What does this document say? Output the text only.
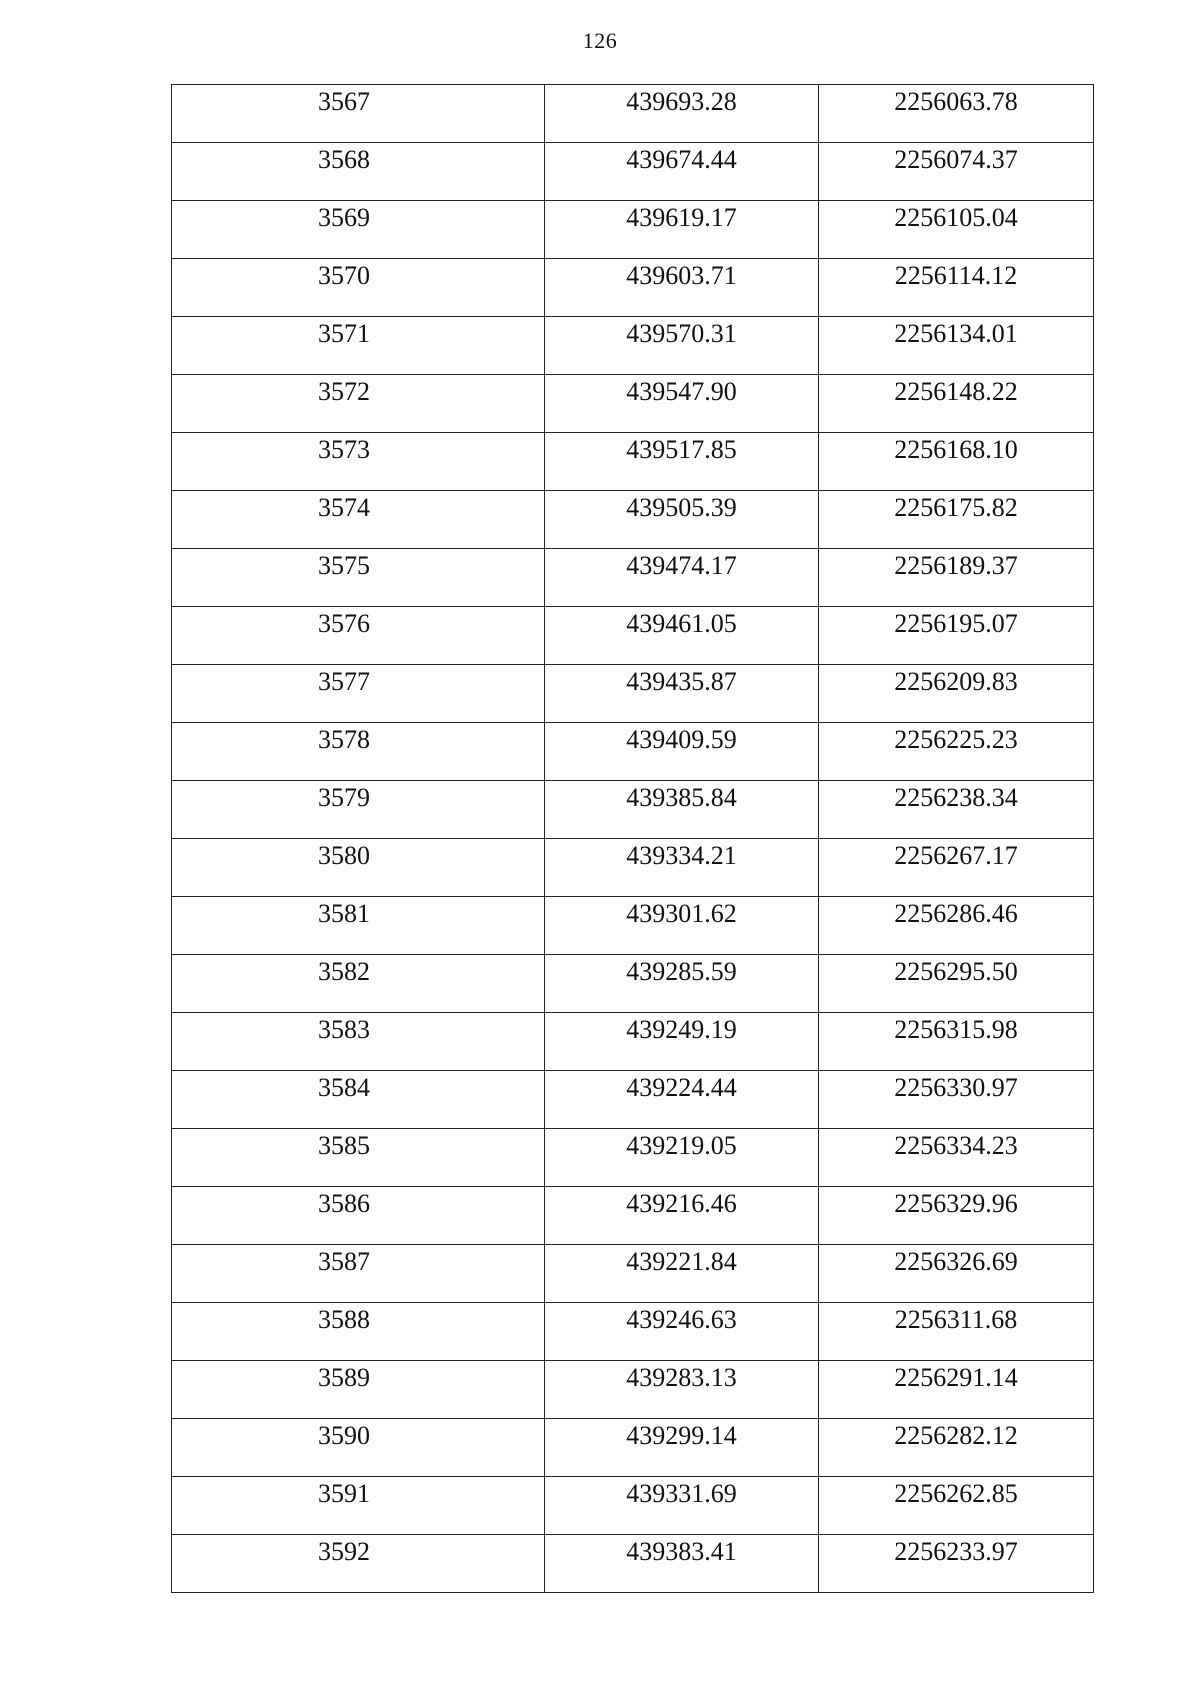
126
3567	439693.28	2256063.78
3568	439674.44	2256074.37
3569	439619.17	2256105.04
3570	439603.71	2256114.12
3571	439570.31	2256134.01
3572	439547.90	2256148.22
3573	439517.85	2256168.10
3574	439505.39	2256175.82
3575	439474.17	2256189.37
3576	439461.05	2256195.07
3577	439435.87	2256209.83
3578	439409.59	2256225.23
3579	439385.84	2256238.34
3580	439334.21	2256267.17
3581	439301.62	2256286.46
3582	439285.59	2256295.50
3583	439249.19	2256315.98
3584	439224.44	2256330.97
3585	439219.05	2256334.23
3586	439216.46	2256329.96
3587	439221.84	2256326.69
3588	439246.63	2256311.68
3589	439283.13	2256291.14
3590	439299.14	2256282.12
3591	439331.69	2256262.85
3592	439383.41	2256233.97
